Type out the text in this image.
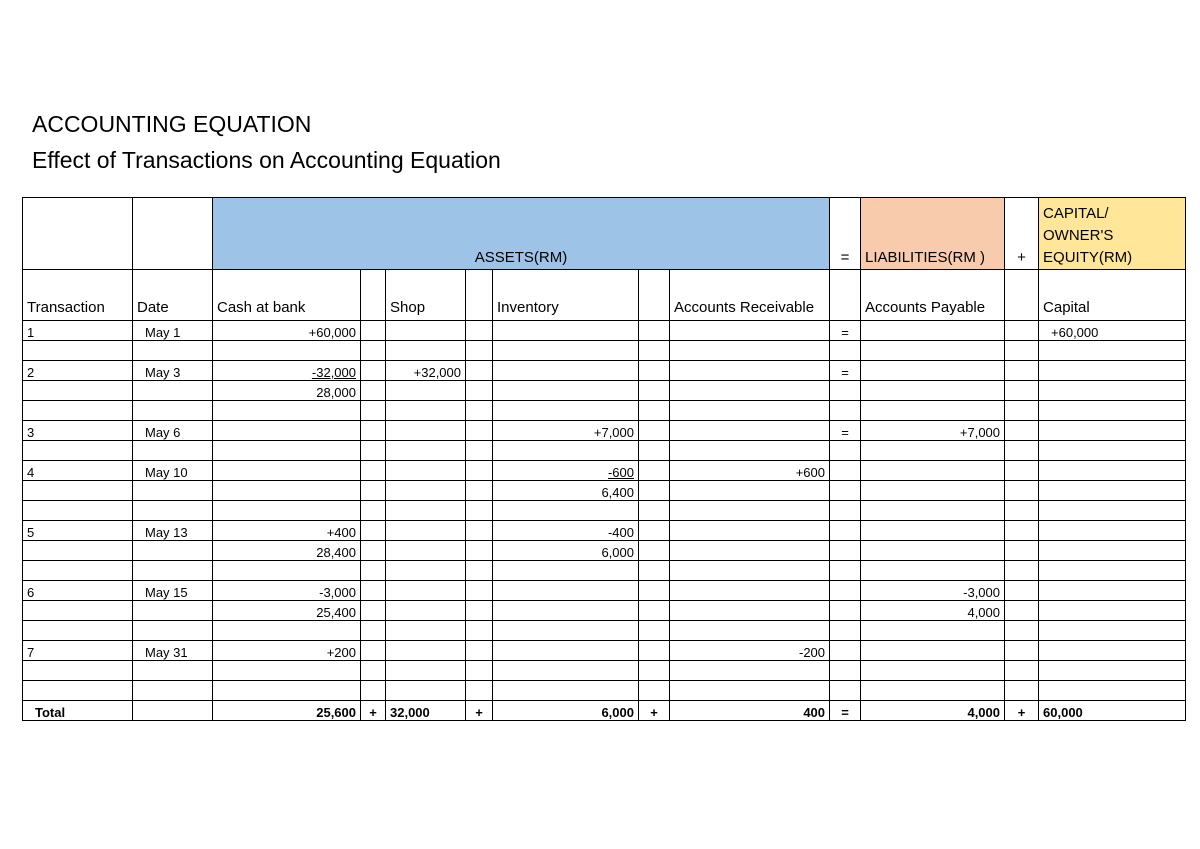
ACCOUNTING EQUATION
Effect of Transactions on Accounting Equation
		ASSETS(RM)							=	LIABILITIES(RM )	+	CAPITAL/ OWNER'S EQUITY(RM)
Transaction	Date	Cash at bank		Shop		Inventory		Accounts Receivable		Accounts Payable		Capital
1	May 1	+60,000							=			+60,000

2	May 3	-32,000		+32,000					=			
		28,000										

3	May 6					+7,000			=	+7,000		

4	May 10					-600		+600				
						6,400						

5	May 13	+400				-400						
		28,400				6,000						

6	May 15	-3,000								-3,000		
		25,400								4,000		

7	May 31	+200						-200				

Total		25,600	+	32,000	+	6,000	+	400	=	4,000	+	60,000
